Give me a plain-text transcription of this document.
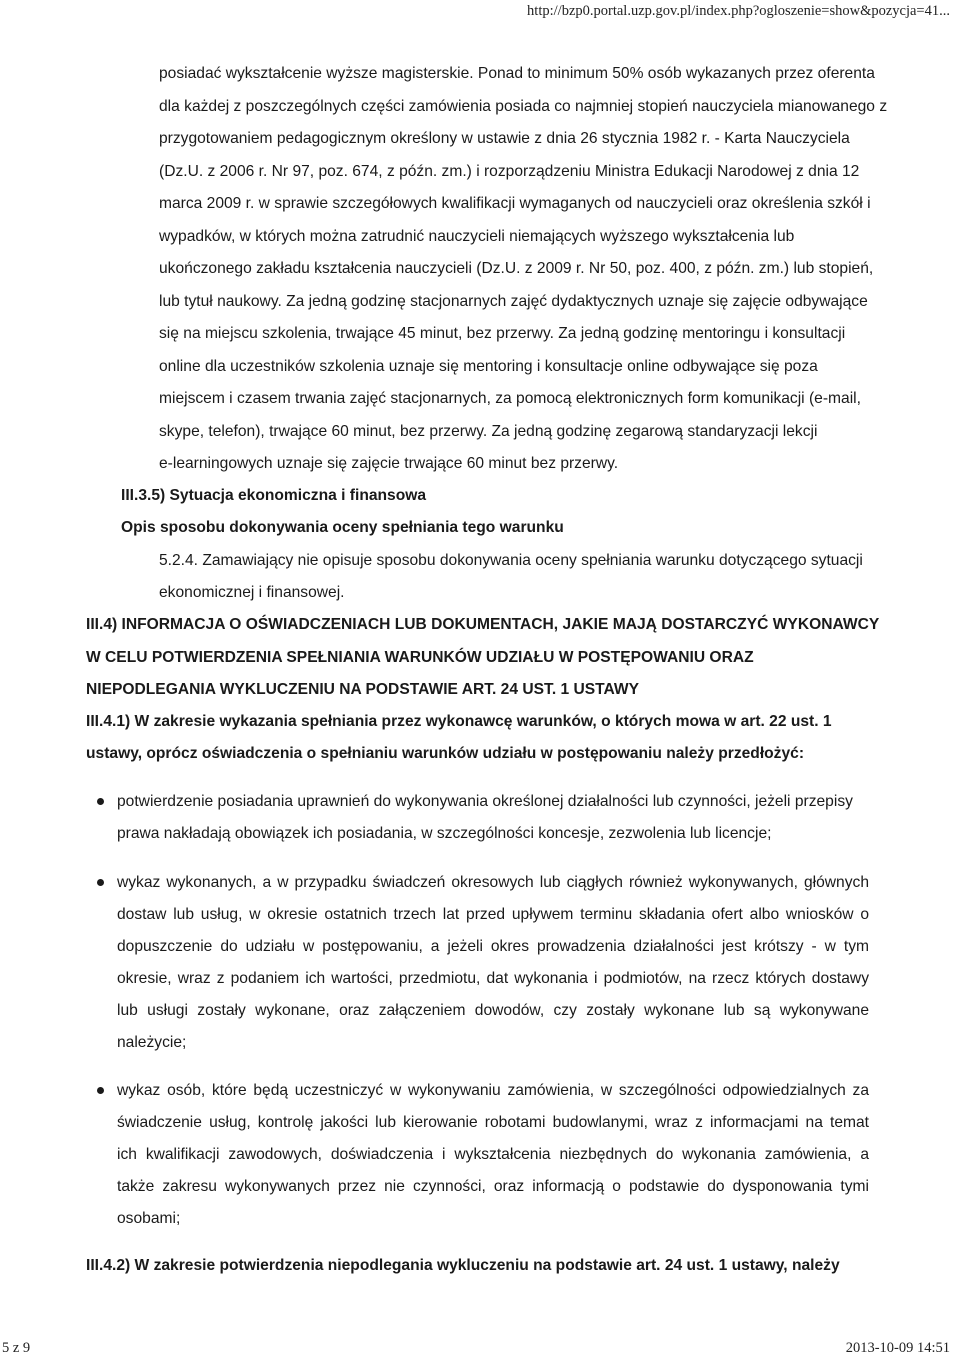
http://bzp0.portal.uzp.gov.pl/index.php?ogloszenie=show&pozycja=41...
posiadać wykształcenie wyższe magisterskie. Ponad to minimum 50% osób wykazanych przez oferenta
dla każdej z poszczególnych części zamówienia posiada co najmniej stopień nauczyciela mianowanego z
przygotowaniem pedagogicznym określony w ustawie z dnia 26 stycznia 1982 r. - Karta Nauczyciela
(Dz.U. z 2006 r. Nr 97, poz. 674, z późn. zm.) i rozporządzeniu Ministra Edukacji Narodowej z dnia 12
marca 2009 r. w sprawie szczegółowych kwalifikacji wymaganych od nauczycieli oraz określenia szkół i
wypadków, w których można zatrudnić nauczycieli niemających wyższego wykształcenia lub
ukończonego zakładu kształcenia nauczycieli (Dz.U. z 2009 r. Nr 50, poz. 400, z późn. zm.) lub stopień,
lub tytuł naukowy. Za jedną godzinę stacjonarnych zajęć dydaktycznych uznaje się zajęcie odbywające
się na miejscu szkolenia, trwające 45 minut, bez przerwy. Za jedną godzinę mentoringu i konsultacji
online dla uczestników szkolenia uznaje się mentoring i konsultacje online odbywające się poza
miejscem i czasem trwania zajęć stacjonarnych, za pomocą elektronicznych form komunikacji (e-mail,
skype, telefon), trwające 60 minut, bez przerwy. Za jedną godzinę zegarową standaryzacji lekcji
e-learningowych uznaje się zajęcie trwające 60 minut bez przerwy.
III.3.5) Sytuacja ekonomiczna i finansowa
Opis sposobu dokonywania oceny spełniania tego warunku
5.2.4. Zamawiający nie opisuje sposobu dokonywania oceny spełniania warunku dotyczącego sytuacji
ekonomicznej i finansowej.
III.4) INFORMACJA O OŚWIADCZENIACH LUB DOKUMENTACH, JAKIE MAJĄ DOSTARCZYĆ WYKONAWCY
W CELU POTWIERDZENIA SPEŁNIANIA WARUNKÓW UDZIAŁU W POSTĘPOWANIU ORAZ
NIEPODLEGANIA WYKLUCZENIU NA PODSTAWIE ART. 24 UST. 1 USTAWY
III.4.1) W zakresie wykazania spełniania przez wykonawcę warunków, o których mowa w art. 22 ust. 1
ustawy, oprócz oświadczenia o spełnianiu warunków udziału w postępowaniu należy przedłożyć:
potwierdzenie posiadania uprawnień do wykonywania określonej działalności lub czynności, jeżeli przepisy
prawa nakładają obowiązek ich posiadania, w szczególności koncesje, zezwolenia lub licencje;
wykaz wykonanych, a w przypadku świadczeń okresowych lub ciągłych również wykonywanych, głównych
dostaw lub usług, w okresie ostatnich trzech lat przed upływem terminu składania ofert albo wniosków o
dopuszczenie do udziału w postępowaniu, a jeżeli okres prowadzenia działalności jest krótszy - w tym
okresie, wraz z podaniem ich wartości, przedmiotu, dat wykonania i podmiotów, na rzecz których dostawy
lub usługi zostały wykonane, oraz załączeniem dowodów, czy zostały wykonane lub są wykonywane
należycie;
wykaz osób, które będą uczestniczyć w wykonywaniu zamówienia, w szczególności odpowiedzialnych za
świadczenie usług, kontrolę jakości lub kierowanie robotami budowlanymi, wraz z informacjami na temat
ich kwalifikacji zawodowych, doświadczenia i wykształcenia niezbędnych do wykonania zamówienia, a
także zakresu wykonywanych przez nie czynności, oraz informacją o podstawie do dysponowania tymi
osobami;
III.4.2) W zakresie potwierdzenia niepodlegania wykluczeniu na podstawie art. 24 ust. 1 ustawy, należy
5 z 9	2013-10-09 14:51
